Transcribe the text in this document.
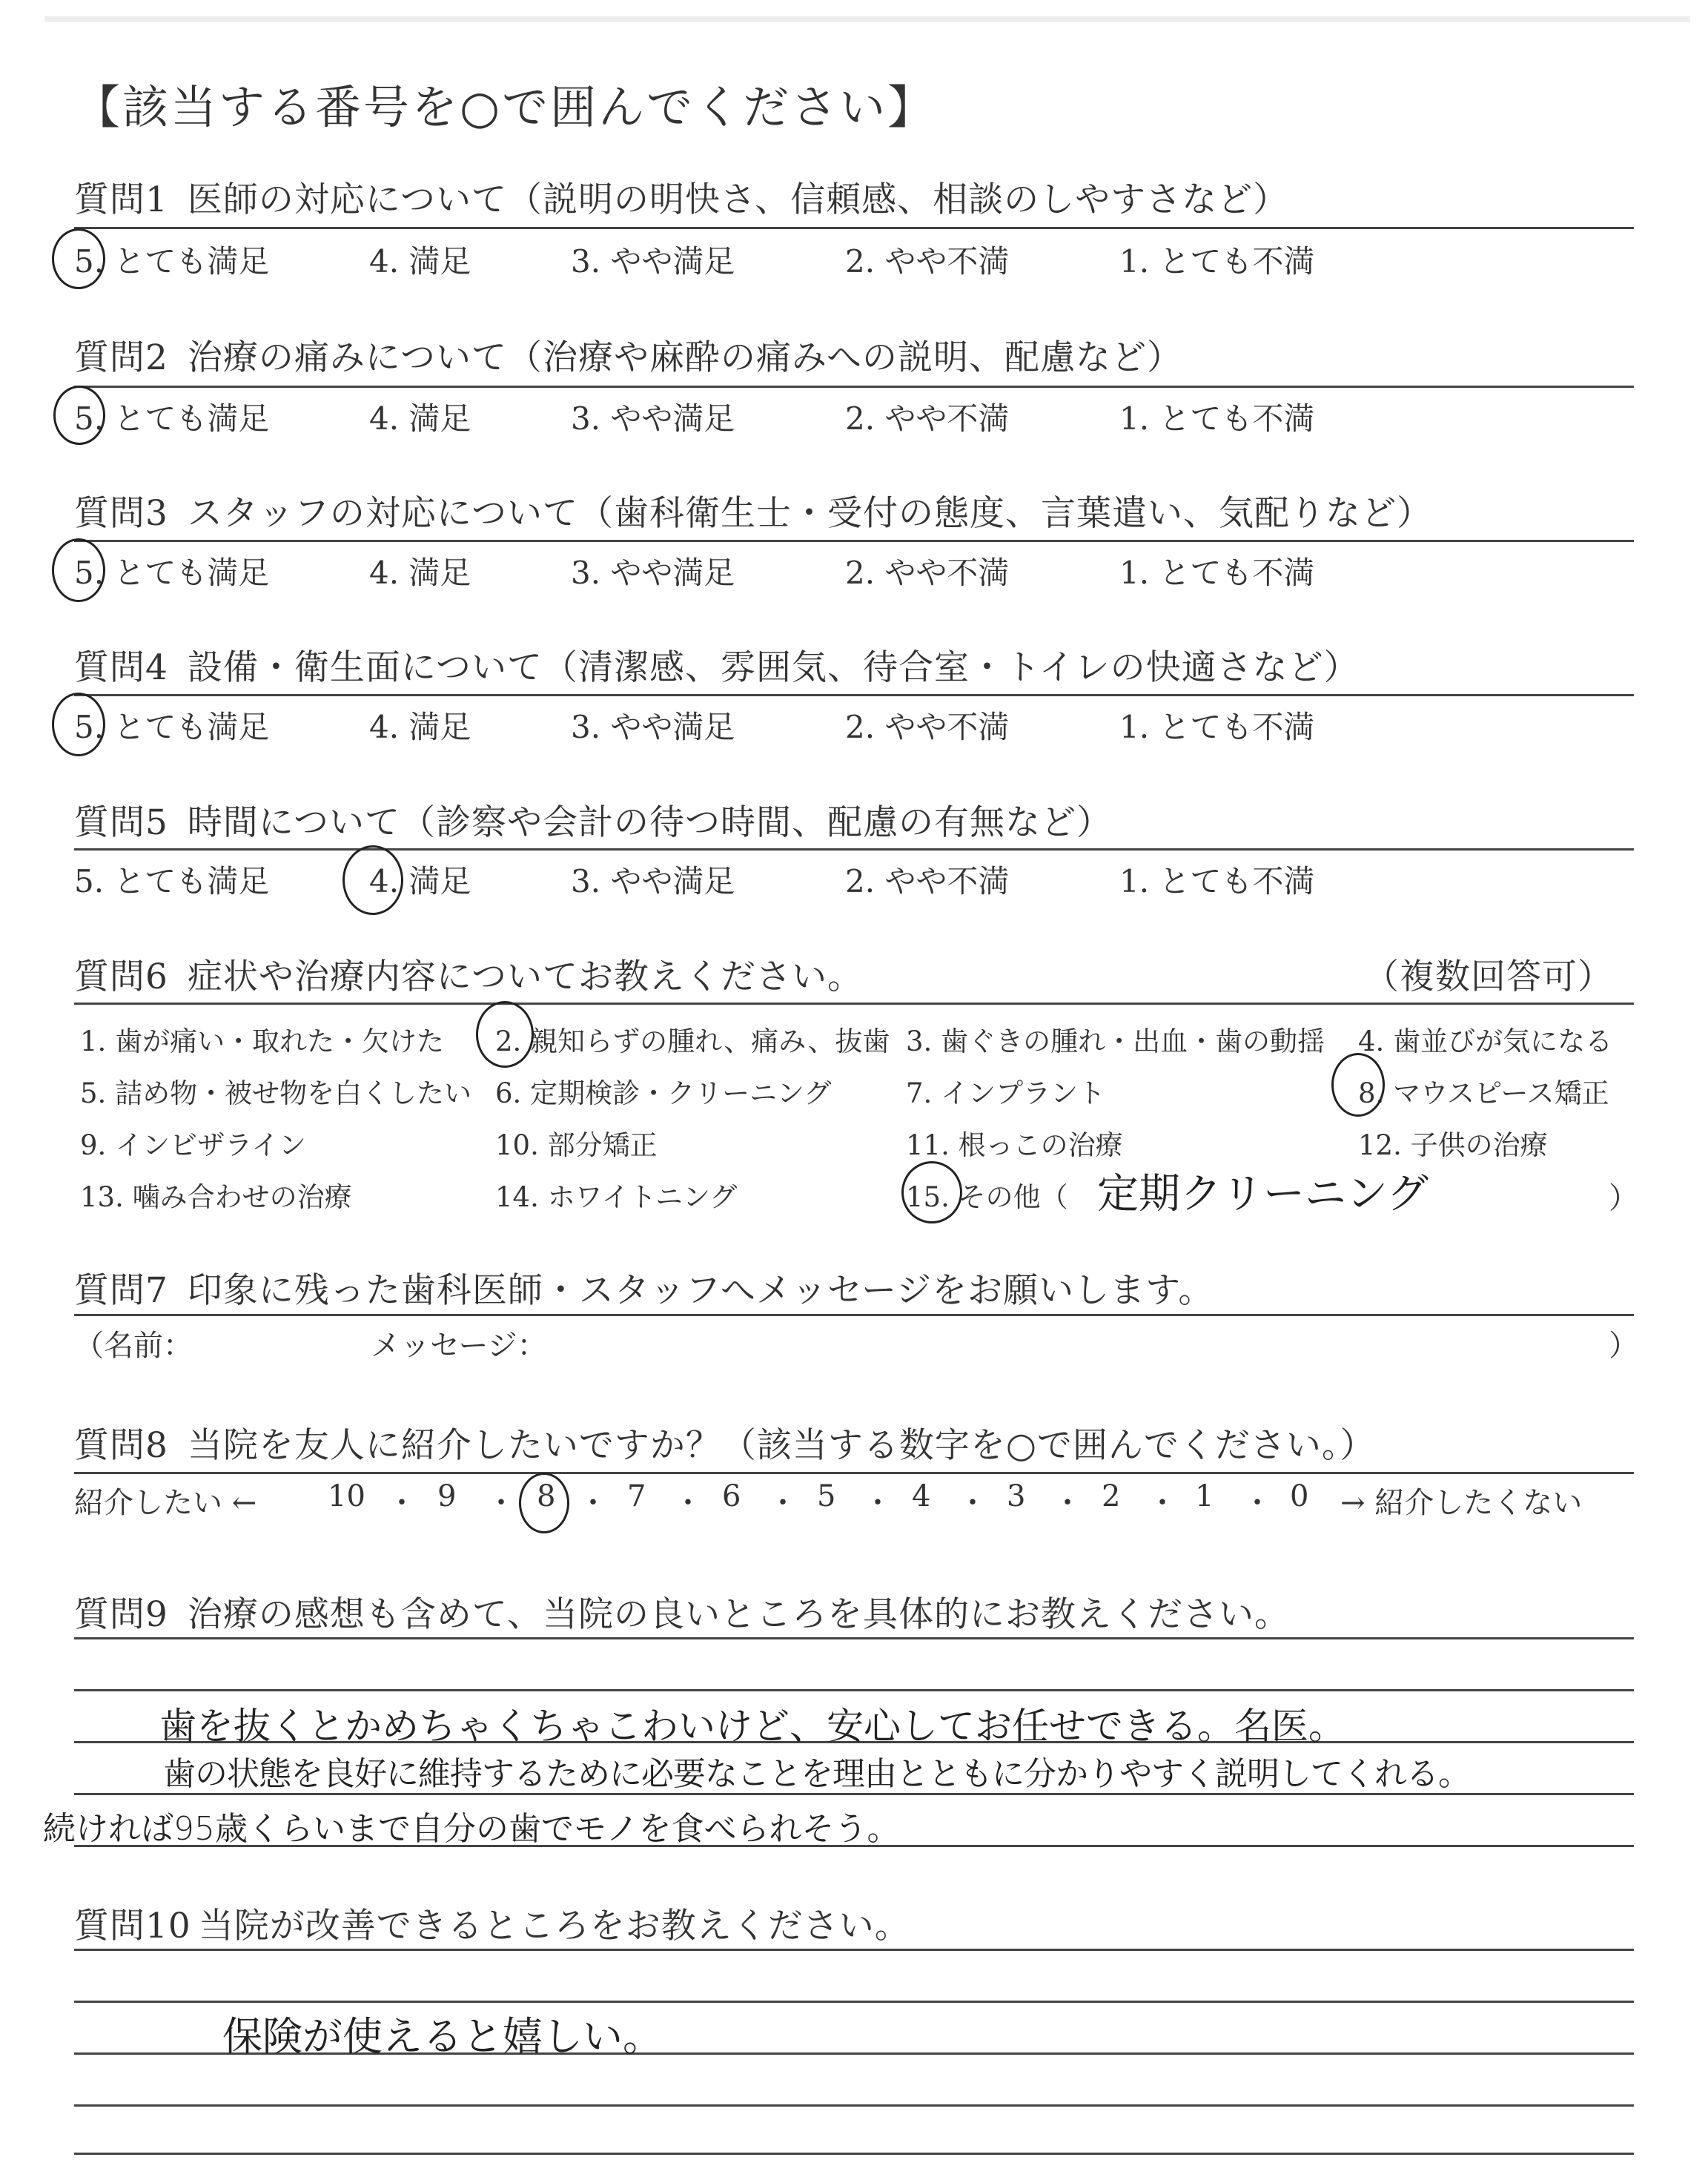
【該当する番号を○で囲んでください】
質問1 医師の対応について（説明の明快さ、信頼感、相談のしやすさなど）
5. とても満足	4. 満足	3. やや満足	2. やや不満	1. とても不満
質問2 治療の痛みについて（治療や麻酔の痛みへの説明、配慮など）
5. とても満足	4. 満足	3. やや満足	2. やや不満	1. とても不満
質問3 スタッフの対応について（歯科衛生士・受付の態度、言葉遣い、気配りなど）
5. とても満足	4. 満足	3. やや満足	2. やや不満	1. とても不満
質問4 設備・衛生面について（清潔感、雰囲気、待合室・トイレの快適さなど）
5. とても満足	4. 満足	3. やや満足	2. やや不満	1. とても不満
質問5 時間について（診察や会計の待つ時間、配慮の有無など）
5. とても満足	4. 満足	3. やや満足	2. やや不満	1. とても不満
質問6 症状や治療内容についてお教えください。	（複数回答可）
1. 歯が痛い・取れた・欠けた 2. 親知らずの腫れ、痛み、抜歯 3. 歯ぐきの腫れ・出血・歯の動揺 4. 歯並びが気になる
5. 詰め物・被せ物を白くしたい 6. 定期検診・クリーニング	7. インプラント	8. マウスピース矯正
9. インビザライン	10. 部分矯正	11. 根っこの治療	12. 子供の治療
13. 噛み合わせの治療	14. ホワイトニング	15. その他（ 定期クリーニング	）
質問7 印象に残った歯科医師・スタッフへメッセージをお願いします。
（名前：	メッセージ：	）
質問8 当院を友人に紹介したいですか？（該当する数字を○で囲んでください。）
紹介したい ← 10 9	8 7	6	5	4	3	2	1	0
・ ・ ・ ・ ・ ・ ・ ・ ・ ・ → 紹介したくない
質問9 治療の感想も含めて、当院の良いところを具体的にお教えください。
歯を抜くとかめちゃくちゃこわいけど、安心してお任せできる。名医。
歯の状態を良好に維持するために必要なことを理由とともに分かりやすく説明してくれる。
続ければ95歳くらいまで自分の歯でモノを食べられそう。
質問10 当院が改善できるところをお教えください。
保険が使えると嬉しい。
